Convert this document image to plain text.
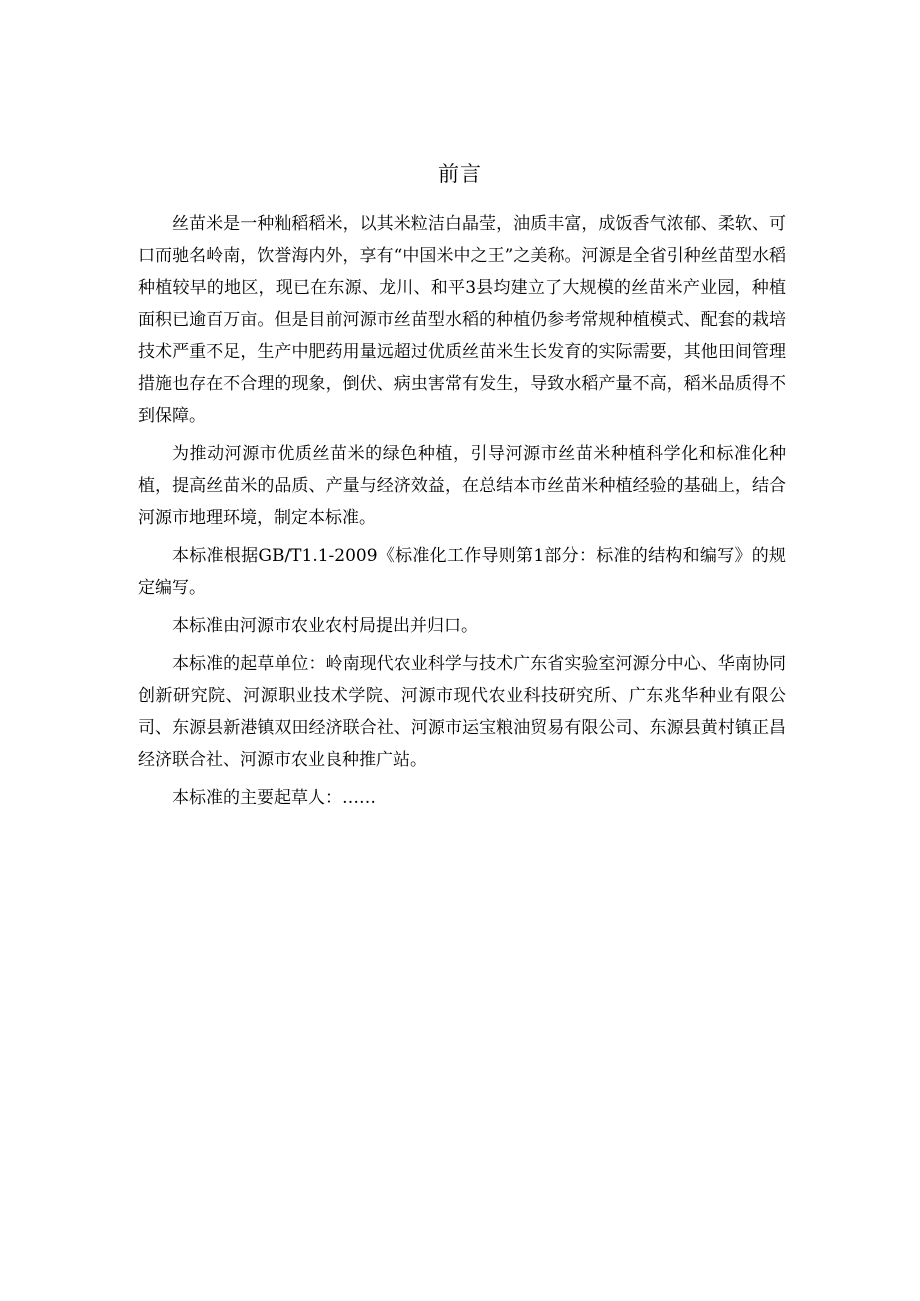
前言

丝苗米是一种籼稻稻米，以其米粒洁白晶莹，油质丰富，成饭香气浓郁、柔软、可口而驰名岭南，饮誉海内外，享有“中国米中之王”之美称。河源是全省引种丝苗型水稻种植较早的地区，现已在东源、龙川、和平3县均建立了大规模的丝苗米产业园，种植面积已逾百万亩。但是目前河源市丝苗型水稻的种植仍参考常规种植模式、配套的栽培技术严重不足，生产中肥药用量远超过优质丝苗米生长发育的实际需要，其他田间管理措施也存在不合理的现象，倒伏、病虫害常有发生，导致水稻产量不高，稻米品质得不到保障。

为推动河源市优质丝苗米的绿色种植，引导河源市丝苗米种植科学化和标准化种植，提高丝苗米的品质、产量与经济效益，在总结本市丝苗米种植经验的基础上，结合河源市地理环境，制定本标准。

本标准根据GB/T1.1-2009《标准化工作导则第1部分：标准的结构和编写》的规定编写。

本标准由河源市农业农村局提出并归口。

本标准的起草单位：岭南现代农业科学与技术广东省实验室河源分中心、华南协同创新研究院、河源职业技术学院、河源市现代农业科技研究所、广东兆华种业有限公司、东源县新港镇双田经济联合社、河源市运宝粮油贸易有限公司、东源县黄村镇正昌经济联合社、河源市农业良种推广站。

本标准的主要起草人：……
